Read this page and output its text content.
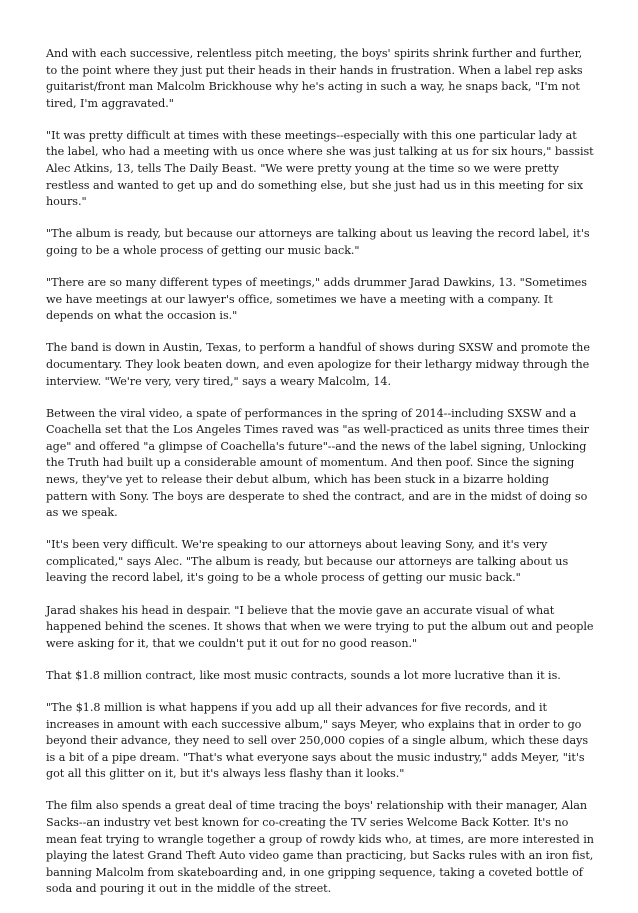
And with each successive, relentless pitch meeting, the boys' spirits shrink further and further, to the point where they just put their heads in their hands in frustration. When a label rep asks guitarist/front man Malcolm Brickhouse why he's acting in such a way, he snaps back, "I'm not tired, I'm aggravated."

"It was pretty difficult at times with these meetings--especially with this one particular lady at the label, who had a meeting with us once where she was just talking at us for six hours," bassist Alec Atkins, 13, tells The Daily Beast. "We were pretty young at the time so we were pretty restless and wanted to get up and do something else, but she just had us in this meeting for six hours."

"The album is ready, but because our attorneys are talking about us leaving the record label, it's going to be a whole process of getting our music back."

"There are so many different types of meetings," adds drummer Jarad Dawkins, 13. "Sometimes we have meetings at our lawyer's office, sometimes we have a meeting with a company. It depends on what the occasion is."

The band is down in Austin, Texas, to perform a handful of shows during SXSW and promote the documentary. They look beaten down, and even apologize for their lethargy midway through the interview. "We're very, very tired," says a weary Malcolm, 14.

Between the viral video, a spate of performances in the spring of 2014--including SXSW and a Coachella set that the Los Angeles Times raved was "as well-practiced as units three times their age" and offered "a glimpse of Coachella's future"--and the news of the label signing, Unlocking the Truth had built up a considerable amount of momentum. And then poof. Since the signing news, they've yet to release their debut album, which has been stuck in a bizarre holding pattern with Sony. The boys are desperate to shed the contract, and are in the midst of doing so as we speak.

"It's been very difficult. We're speaking to our attorneys about leaving Sony, and it's very complicated," says Alec. "The album is ready, but because our attorneys are talking about us leaving the record label, it's going to be a whole process of getting our music back."

Jarad shakes his head in despair. "I believe that the movie gave an accurate visual of what happened behind the scenes. It shows that when we were trying to put the album out and people were asking for it, that we couldn't put it out for no good reason."

That $1.8 million contract, like most music contracts, sounds a lot more lucrative than it is.

"The $1.8 million is what happens if you add up all their advances for five records, and it increases in amount with each successive album," says Meyer, who explains that in order to go beyond their advance, they need to sell over 250,000 copies of a single album, which these days is a bit of a pipe dream. "That's what everyone says about the music industry," adds Meyer, "it's got all this glitter on it, but it's always less flashy than it looks."

The film also spends a great deal of time tracing the boys' relationship with their manager, Alan Sacks--an industry vet best known for co-creating the TV series Welcome Back Kotter. It's no mean feat trying to wrangle together a group of rowdy kids who, at times, are more interested in playing the latest Grand Theft Auto video game than practicing, but Sacks rules with an iron fist, banning Malcolm from skateboarding and, in one gripping sequence, taking a coveted bottle of soda and pouring it out in the middle of the street.
